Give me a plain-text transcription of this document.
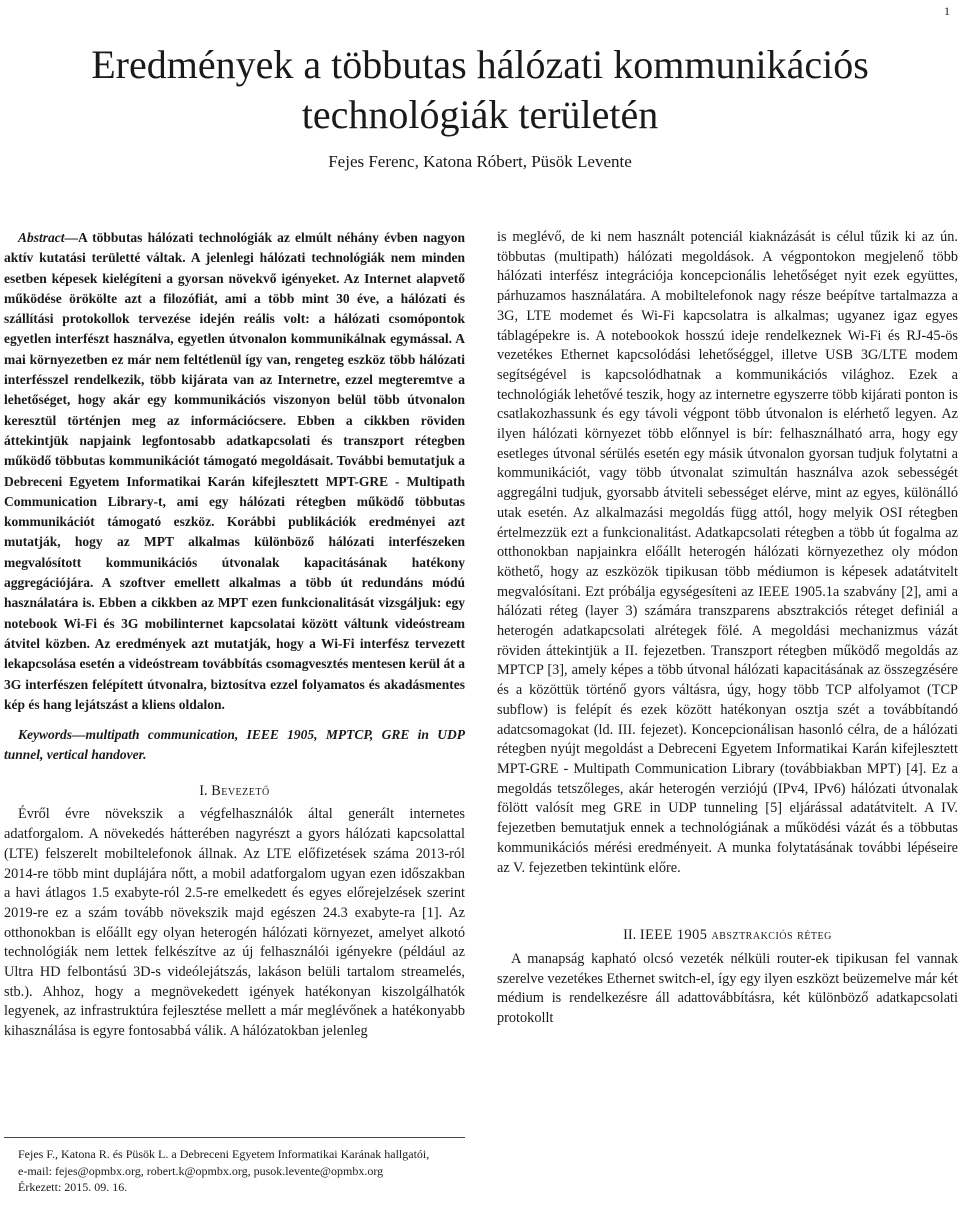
1
Eredmények a többutas hálózati kommunikációs
technológiák területén
Fejes Ferenc, Katona Róbert, Püsök Levente

Abstract—A többutas hálózati technológiák az elmúlt néhány évben nagyon aktív kutatási területté váltak. A jelenlegi hálózati technológiák nem minden esetben képesek kielégíteni a gyorsan növekvő igényeket. Az Internet alapvető működése örökölte azt a filozófiát, ami a több mint 30 éve, a hálózati és szállítási protokollok tervezése idején reális volt: a hálózati csomópontok egyetlen interfészt használva, egyetlen útvonalon kommunikálnak egymással. A mai környezetben ez már nem feltétlenül így van, rengeteg eszköz több hálózati interfésszel rendelkezik, több kijárata van az Internetre, ezzel megteremtve a lehetőséget, hogy akár egy kommunikációs viszonyon belül több útvonalon keresztül történjen meg az információcsere. Ebben a cikkben röviden áttekintjük napjaink legfontosabb adatkapcsolati és transzport rétegben működő többutas kommunikációt támogató megoldásait. További bemutatjuk a Debreceni Egyetem Informatikai Karán kifejlesztett MPT-GRE - Multipath Communication Library-t, ami egy hálózati rétegben működő többutas kommunikációt támogató eszköz. Korábbi publikációk eredményei azt mutatják, hogy az MPT alkalmas különböző hálózati interfészeken megvalósított kommunikációs útvonalak kapacitásának hatékony aggregációjára. A szoftver emellett alkalmas a több út redundáns módú használatára is. Ebben a cikkben az MPT ezen funkcionalitását vizsgáljuk: egy notebook Wi-Fi és 3G mobilinternet kapcsolatai között váltunk videóstream átvitel közben. Az eredmények azt mutatják, hogy a Wi-Fi interfész tervezett lekapcsolása esetén a videóstream továbbítás csomagvesztés mentesen kerül át a 3G interfészen felépített útvonalra, biztosítva ezzel folyamatos és akadásmentes kép és hang lejátszást a kliens oldalon.

Keywords—multipath communication, IEEE 1905, MPTCP, GRE in UDP tunnel, vertical handover.

I. Bevezető

Évről évre növekszik a végfelhasználók által generált internetes adatforgalom. A növekedés hátterében nagyrészt a gyors hálózati kapcsolattal (LTE) felszerelt mobiltelefonok állnak. Az LTE előfizetések száma 2013-ról 2014-re több mint duplájára nőtt, a mobil adatforgalom ugyan ezen időszakban a havi átlagos 1.5 exabyte-ról 2.5-re emelkedett és egyes előrejelzések szerint 2019-re ez a szám tovább növekszik majd egészen 24.3 exabyte-ra [1]. Az otthonokban is előállt egy olyan heterogén hálózati környezet, amelyet alkotó technológiák nem lettek felkészítve az új felhasználói igényekre (például az Ultra HD felbontású 3D-s videólejátszás, lakáson belüli tartalom streamelés, stb.). Ahhoz, hogy a megnövekedett igények hatékonyan kiszolgálhatók legyenek, az infrastruktúra fejlesztése mellett a már meglévőnek a hatékonyabb kihasználása is egyre fontosabbá válik. A hálózatokban jelenleg

is meglévő, de ki nem használt potenciál kiaknázását is célul tűzik ki az ún. többutas (multipath) hálózati megoldások. A végpontokon megjelenő több hálózati interfész integrációja koncepcionális lehetőséget nyit ezek együttes, párhuzamos használatára. A mobiltelefonok nagy része beépítve tartalmazza a 3G, LTE modemet és Wi-Fi kapcsolatra is alkalmas; ugyanez igaz egyes táblagépekre is. A notebookok hosszú ideje rendelkeznek Wi-Fi és RJ-45-ös vezetékes Ethernet kapcsolódási lehetőséggel, illetve USB 3G/LTE modem segítségével is kapcsolódhatnak a kommunikációs világhoz. Ezek a technológiák lehetővé teszik, hogy az internetre egyszerre több kijárati ponton is csatlakozhassunk és egy távoli végpont több útvonalon is elérhető legyen. Az ilyen hálózati környezet több előnnyel is bír: felhasználható arra, hogy egy esetleges útvonal sérülés esetén egy másik útvonalon gyorsan tudjuk folytatni a kommunikációt, vagy több útvonalat szimultán használva azok sebességét aggregálni tudjuk, gyorsabb átviteli sebességet elérve, mint az egyes, különálló utak esetén. Az alkalmazási megoldás függ attól, hogy melyik OSI rétegben értelmezzük ezt a funkcionalitást. Adatkapcsolati rétegben a több út fogalma az otthonokban napjainkra előállt heterogén hálózati környezethez oly módon köthető, hogy az eszközök tipikusan több médiumon is képesek adatátvitelt megvalósítani. Ezt próbálja egységesíteni az IEEE 1905.1a szabvány [2], ami a hálózati réteg (layer 3) számára transzparens absztrakciós réteget definiál a heterogén adatkapcsolati alrétegek fölé. A megoldási mechanizmus vázát röviden áttekintjük a II. fejezetben. Transzport rétegben működő megoldás az MPTCP [3], amely képes a több útvonal hálózati kapacitásának az összegzésére és a közöttük történő gyors váltásra, úgy, hogy több TCP alfolyamot (TCP subflow) is felépít és ezek között hatékonyan osztja szét a továbbítandó adatcsomagokat (ld. III. fejezet). Koncepcionálisan hasonló célra, de a hálózati rétegben nyújt megoldást a Debreceni Egyetem Informatikai Karán kifejlesztett MPT-GRE - Multipath Communication Library (továbbiakban MPT) [4]. Ez a megoldás tetszőleges, akár heterogén verziójú (IPv4, IPv6) hálózati útvonalak fölött valósít meg GRE in UDP tunneling [5] eljárással adatátvitelt. A IV. fejezetben bemutatjuk ennek a technológiának a működési vázát és a többutas kommunikációs mérési eredményeit. A munka folytatásának további lépéseire az V. fejezetben tekintünk előre.

II. IEEE 1905 absztrakciós réteg

A manapság kapható olcsó vezeték nélküli router-ek tipikusan fel vannak szerelve vezetékes Ethernet switch-el, így egy ilyen eszközt beüzemelve már két médium is rendelkezésre áll adattovábbításra, két különböző adatkapcsolati protokollt

Fejes F., Katona R. és Püsök L. a Debreceni Egyetem Informatikai Karának hallgatói,

e-mail: fejes@opmbx.org, robert.k@opmbx.org, pusok.levente@opmbx.org

Érkezett: 2015. 09. 16.
